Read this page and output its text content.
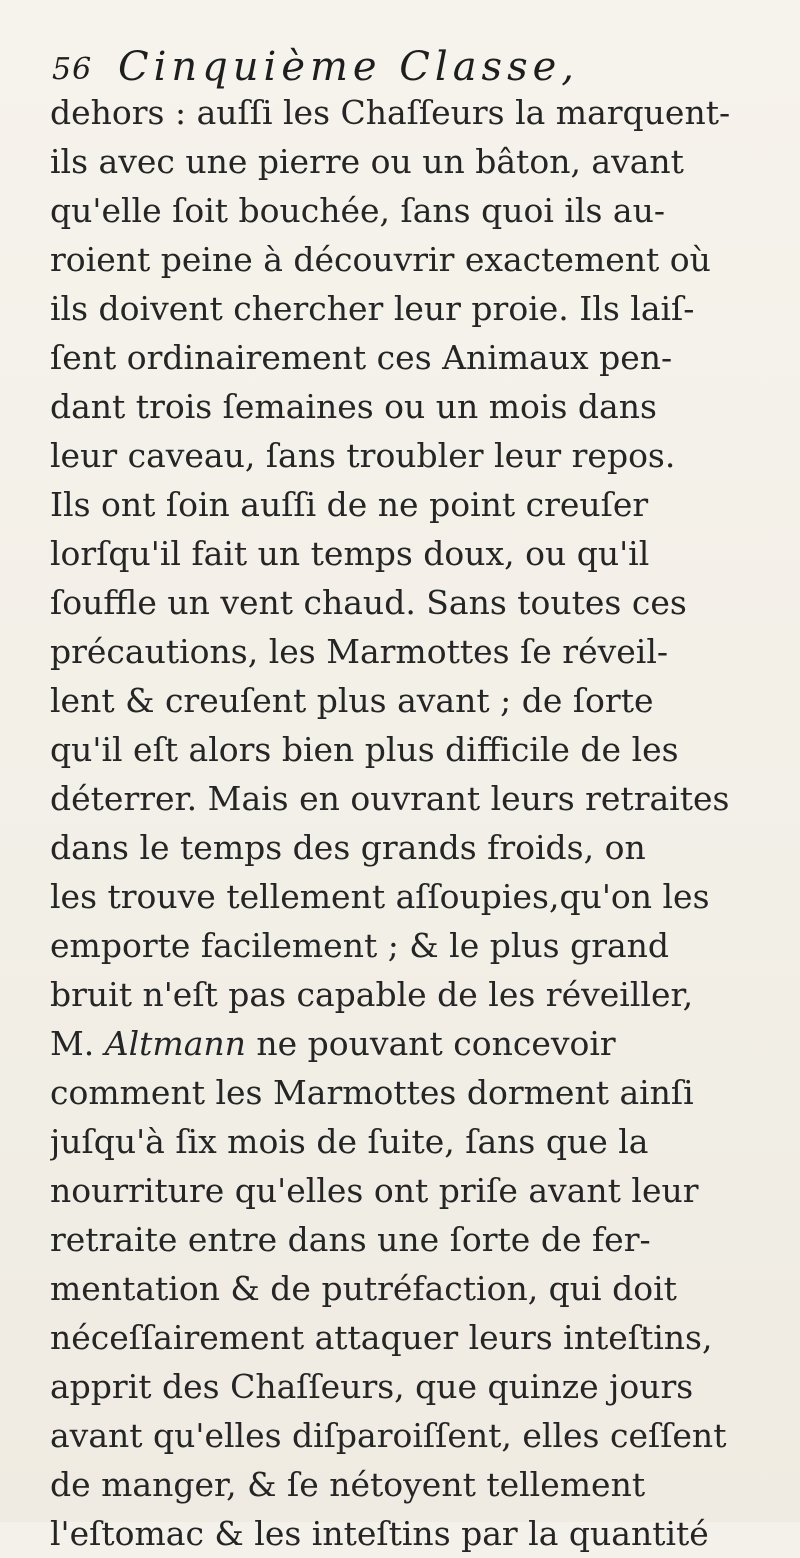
56 Cinquième Classe,
dehors : auſſi les Chaſſeurs la marquent-
ils avec une pierre ou un bâton, avant
qu'elle ſoit bouchée, ſans quoi ils au-
roient peine à découvrir exactement où
ils doivent chercher leur proie. Ils laiſ-
ſent ordinairement ces Animaux pen-
dant trois ſemaines ou un mois dans
leur caveau, ſans troubler leur repos.
Ils ont ſoin auſſi de ne point creuſer
lorſqu'il fait un temps doux, ou qu'il
ſouffle un vent chaud. Sans toutes ces
précautions, les Marmottes ſe réveil-
lent & creuſent plus avant ; de ſorte
qu'il eſt alors bien plus difficile de les
déterrer. Mais en ouvrant leurs retraites
dans le temps des grands froids, on
les trouve tellement aſſoupies,qu'on les
emporte facilement ; & le plus grand
bruit n'eſt pas capable de les réveiller,
M. Altmann ne pouvant concevoir
comment les Marmottes dorment ainſi
juſqu'à ſix mois de ſuite, ſans que la
nourriture qu'elles ont priſe avant leur
retraite entre dans une ſorte de fer-
mentation & de putréfaction, qui doit
néceſſairement attaquer leurs inteſtins,
apprit des Chaſſeurs, que quinze jours
avant qu'elles diſparoiſſent, elles ceſſent
de manger, & ſe nétoyent tellement
l'eſtomac & les inteſtins par la quantité
